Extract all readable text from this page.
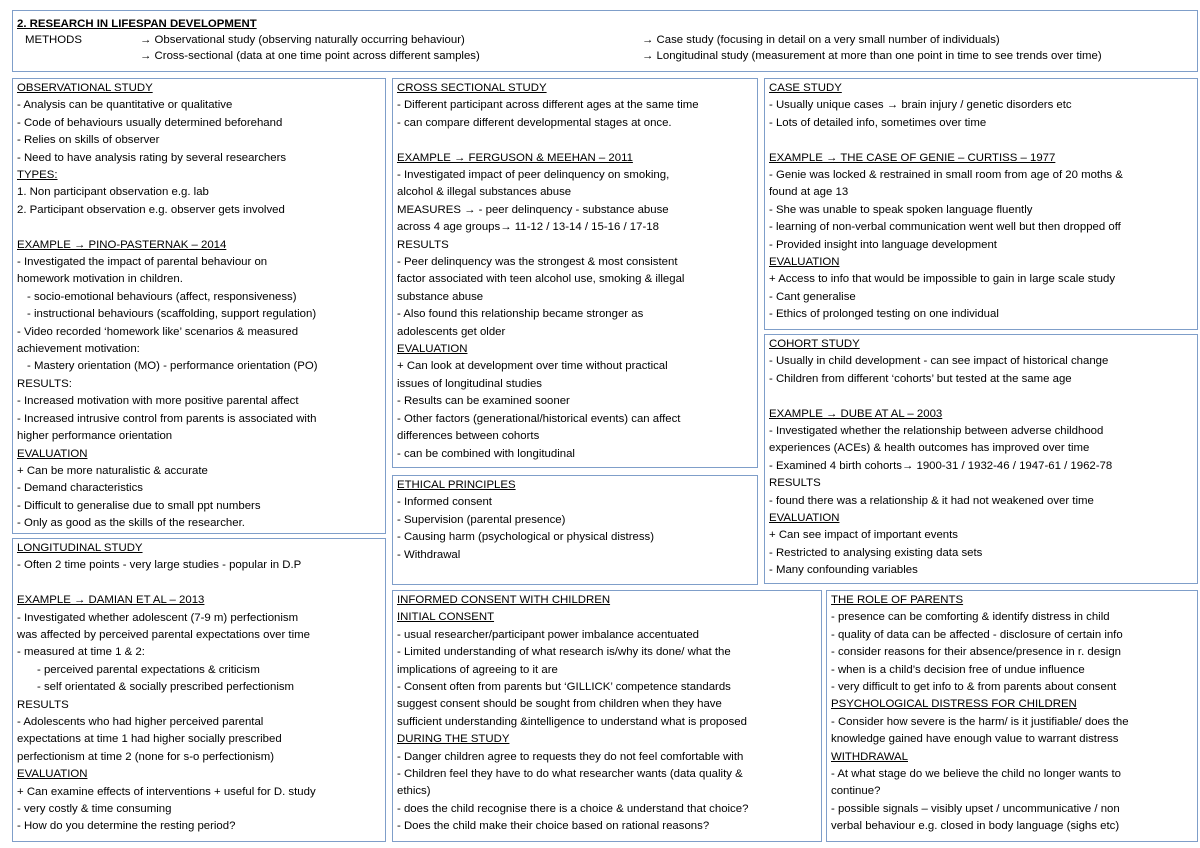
2. RESEARCH IN LIFESPAN DEVELOPMENT
METHODS	→ Observational study (observing naturally occurring behaviour)	→ Case study (focusing in detail on a very small number of individuals)
→ Cross-sectional (data at one time point across different samples)	→ Longitudinal study (measurement at more than one point in time to see trends over time)
OBSERVATIONAL STUDY
- Analysis can be quantitative or qualitative
- Code of behaviours usually determined beforehand
- Relies on skills of observer
- Need to have analysis rating by several researchers
TYPES:
1. Non participant observation e.g. lab
2. Participant observation e.g. observer gets involved
EXAMPLE → PINO-PASTERNAK – 2014
- Investigated the impact of parental behaviour on
homework motivation in children.
- socio-emotional behaviours (affect, responsiveness)
- instructional behaviours (scaffolding, support regulation)
- Video recorded ‘homework like’ scenarios & measured
achievement motivation:
- Mastery orientation (MO) - performance orientation (PO)
RESULTS:
- Increased motivation with more positive parental affect
- Increased intrusive control from parents is associated with
higher performance orientation
EVALUATION
+ Can be more naturalistic & accurate
- Demand characteristics
- Difficult to generalise due to small ppt numbers
- Only as good as the skills of the researcher.
LONGITUDINAL STUDY
- Often 2 time points - very large studies - popular in D.P
EXAMPLE → DAMIAN ET AL – 2013
- Investigated whether adolescent (7-9 m) perfectionism
was affected by perceived parental expectations over time
- measured at time 1 & 2:
- perceived parental expectations & criticism
- self orientated & socially prescribed perfectionism
RESULTS
- Adolescents who had higher perceived parental
expectations at time 1 had higher socially prescribed
perfectionism at time 2 (none for s-o perfectionism)
EVALUATION
+ Can examine effects of interventions + useful for D. study
- very costly & time consuming
- How do you determine the resting period?
CROSS SECTIONAL STUDY
- Different participant across different ages at the same time
- can compare different developmental stages at once.
EXAMPLE → FERGUSON & MEEHAN – 2011
- Investigated impact of peer delinquency on smoking,
alcohol & illegal substances abuse
MEASURES → - peer delinquency - substance abuse
across 4 age groups→ 11-12 / 13-14 / 15-16 / 17-18
RESULTS
- Peer delinquency was the strongest & most consistent
factor associated with teen alcohol use, smoking & illegal
substance abuse
- Also found this relationship became stronger as
adolescents get older
EVALUATION
+ Can look at development over time without practical
issues of longitudinal studies
- Results can be examined sooner
- Other factors (generational/historical events) can affect
differences between cohorts
- can be combined with longitudinal
ETHICAL PRINCIPLES
- Informed consent
- Supervision (parental presence)
- Causing harm (psychological or physical distress)
- Withdrawal
CASE STUDY
- Usually unique cases → brain injury / genetic disorders etc
- Lots of detailed info, sometimes over time
EXAMPLE → THE CASE OF GENIE – CURTISS – 1977
- Genie was locked & restrained in small room from age of 20 moths &
found at age 13
- She was unable to speak spoken language fluently
- learning of non-verbal communication went well but then dropped off
- Provided insight into language development
EVALUATION
+ Access to info that would be impossible to gain in large scale study
- Cant generalise
- Ethics of prolonged testing on one individual
COHORT STUDY
- Usually in child development - can see impact of historical change
- Children from different ‘cohorts’ but tested at the same age
EXAMPLE → DUBE AT AL – 2003
- Investigated whether the relationship between adverse childhood
experiences (ACEs) & health outcomes has improved over time
- Examined 4 birth cohorts→ 1900-31 / 1932-46 / 1947-61 / 1962-78
RESULTS
- found there was a relationship & it had not weakened over time
EVALUATION
+ Can see impact of important events
- Restricted to analysing existing data sets
- Many confounding variables
INFORMED CONSENT WITH CHILDREN
INITIAL CONSENT
- usual researcher/participant power imbalance accentuated
- Limited understanding of what research is/why its done/ what the
implications of agreeing to it are
- Consent often from parents but ‘GILLICK’ competence standards
suggest consent should be sought from children when they have
sufficient understanding &intelligence to understand what is proposed
DURING THE STUDY
- Danger children agree to requests they do not feel comfortable with
- Children feel they have to do what researcher wants (data quality &
ethics)
- does the child recognise there is a choice & understand that choice?
- Does the child make their choice based on rational reasons?
THE ROLE OF PARENTS
- presence can be comforting & identify distress in child
- quality of data can be affected - disclosure of certain info
- consider reasons for their absence/presence in r. design
- when is a child’s decision free of undue influence
- very difficult to get info to & from parents about consent
PSYCHOLOGICAL DISTRESS FOR CHILDREN
- Consider how severe is the harm/ is it justifiable/ does the
knowledge gained have enough value to warrant distress
WITHDRAWAL
- At what stage do we believe the child no longer wants to
continue?
- possible signals – visibly upset / uncommunicative / non
verbal behaviour e.g. closed in body language (sighs etc)
